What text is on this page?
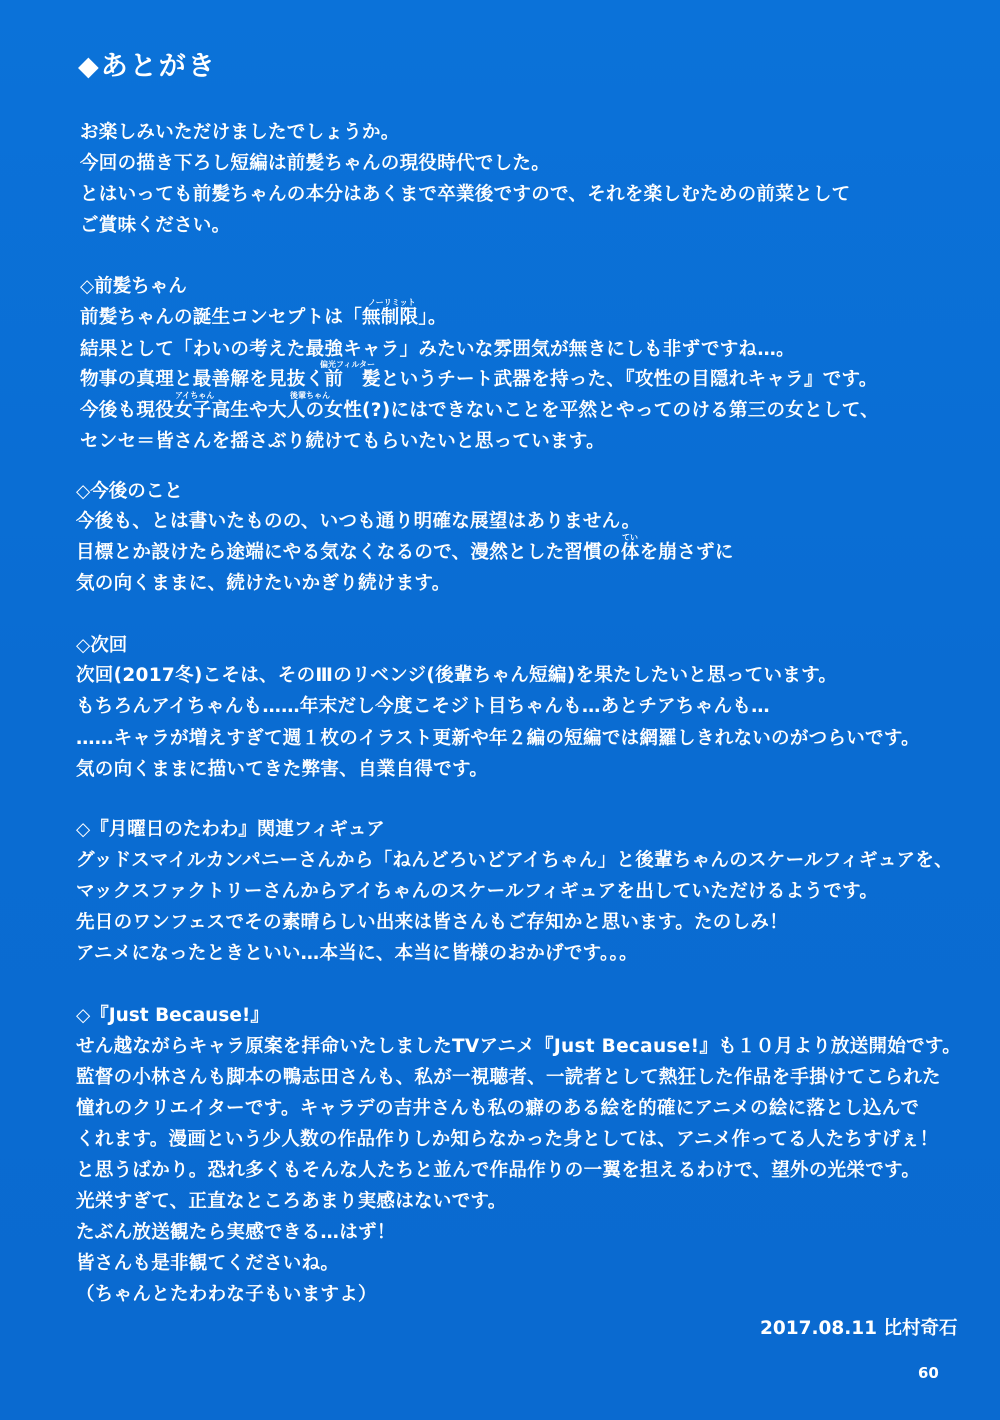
◆あとがき
お楽しみいただけましたでしょうか。
今回の描き下ろし短編は前髪ちゃんの現役時代でした。
とはいっても前髪ちゃんの本分はあくまで卒業後ですので、それを楽しむための前菜として
ご賞味ください。
◇前髪ちゃん
ノーリミット
前髪ちゃんの誕生コンセプトは「無制限」。
結果として「わいの考えた最強キャラ」みたいな雰囲気が無きにしも非ずですね…。
偏光フィルター
物事の真理と最善解を見抜く前　髪というチート武器を持った、『攻性の目隠れキャラ』です。
アイちゃん	後輩ちゃん
今後も現役女子高生や大人の女性(?)にはできないことを平然とやってのける第三の女として、
センセ＝皆さんを揺さぶり続けてもらいたいと思っています。
◇今後のこと
今後も、とは書いたものの、いつも通り明確な展望はありません。
てい
目標とか設けたら途端にやる気なくなるので、漫然とした習慣の体を崩さずに
気の向くままに、続けたいかぎり続けます。
◇次回
次回(2017冬)こそは、そのⅢのリベンジ(後輩ちゃん短編)を果たしたいと思っています。
もちろんアイちゃんも……年末だし今度こそジト目ちゃんも…あとチアちゃんも…
……キャラが増えすぎて週１枚のイラスト更新や年２編の短編では網羅しきれないのがつらいです。
気の向くままに描いてきた弊害、自業自得です。
◇『月曜日のたわわ』関連フィギュア
グッドスマイルカンパニーさんから「ねんどろいどアイちゃん」と後輩ちゃんのスケールフィギュアを、
マックスファクトリーさんからアイちゃんのスケールフィギュアを出していただけるようです。
先日のワンフェスでその素晴らしい出来は皆さんもご存知かと思います。たのしみ！
アニメになったときといい…本当に、本当に皆様のおかげです。。。
◇『Just Because!』
せん越ながらキャラ原案を拝命いたしましたTVアニメ『Just Because!』も１０月より放送開始です。
監督の小林さんも脚本の鴨志田さんも、私が一視聴者、一読者として熱狂した作品を手掛けてこられた
憧れのクリエイターです。キャラデの吉井さんも私の癖のある絵を的確にアニメの絵に落とし込んで
くれます。漫画という少人数の作品作りしか知らなかった身としては、アニメ作ってる人たちすげぇ！
と思うばかり。恐れ多くもそんな人たちと並んで作品作りの一翼を担えるわけで、望外の光栄です。
光栄すぎて、正直なところあまり実感はないです。
たぶん放送観たら実感できる…はず！
皆さんも是非観てくださいね。
（ちゃんとたわわな子もいますよ）
2017.08.11 比村奇石
60
